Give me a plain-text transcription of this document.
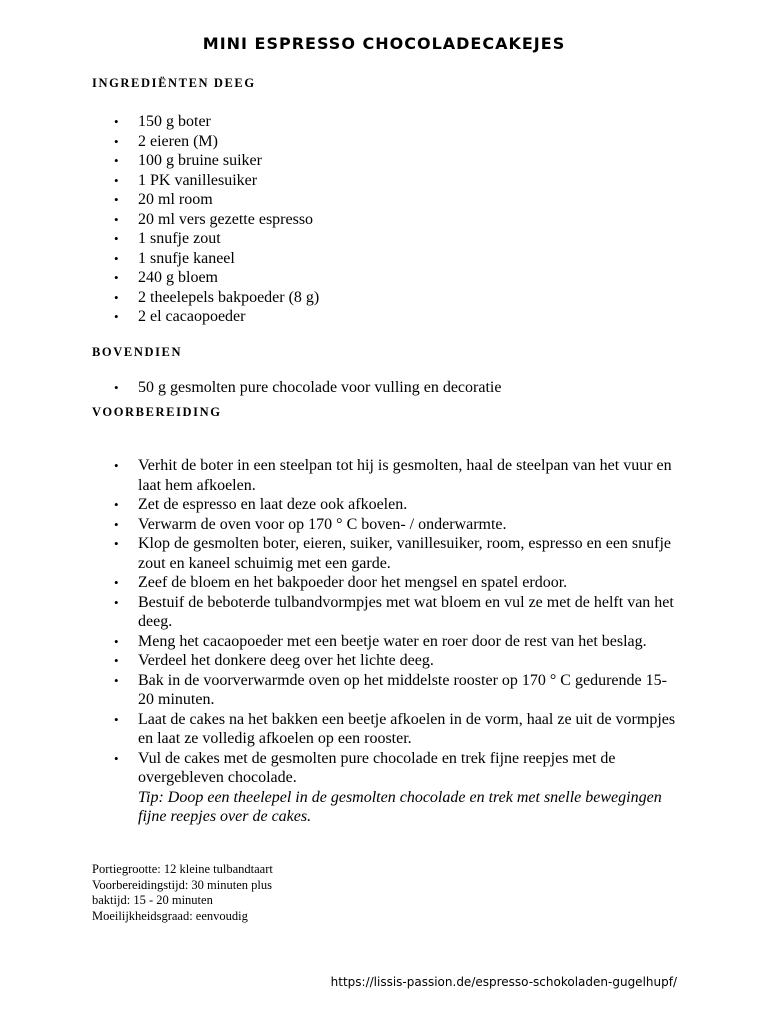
MINI ESPRESSO CHOCOLADECAKEJES
INGREDIËNTEN DEEG
• 150 g boter
• 2 eieren (M)
• 100 g bruine suiker
• 1 PK vanillesuiker
• 20 ml room
• 20 ml vers gezette espresso
• 1 snufje zout
• 1 snufje kaneel
• 240 g bloem
• 2 theelepels bakpoeder (8 g)
• 2 el cacaopoeder
BOVENDIEN
• 50 g gesmolten pure chocolade voor vulling en decoratie
VOORBEREIDING
• Verhit de boter in een steelpan tot hij is gesmolten, haal de steelpan van het vuur en laat hem afkoelen.
• Zet de espresso en laat deze ook afkoelen.
• Verwarm de oven voor op 170 ° C boven- / onderwarmte.
• Klop de gesmolten boter, eieren, suiker, vanillesuiker, room, espresso en een snufje zout en kaneel schuimig met een garde.
• Zeef de bloem en het bakpoeder door het mengsel en spatel erdoor.
• Bestuif de beboterde tulbandvormpjes met wat bloem en vul ze met de helft van het deeg.
• Meng het cacaopoeder met een beetje water en roer door de rest van het beslag.
• Verdeel het donkere deeg over het lichte deeg.
• Bak in de voorverwarmde oven op het middelste rooster op 170 ° C gedurende 15-20 minuten.
• Laat de cakes na het bakken een beetje afkoelen in de vorm, haal ze uit de vormpjes en laat ze volledig afkoelen op een rooster.
• Vul de cakes met de gesmolten pure chocolade en trek fijne reepjes met de overgebleven chocolade.
Tip: Doop een theelepel in de gesmolten chocolade en trek met snelle bewegingen fijne reepjes over de cakes.
Portiegrootte: 12 kleine tulbandtaart
Voorbereidingstijd: 30 minuten plus
baktijd: 15 - 20 minuten
Moeilijkheidsgraad: eenvoudig
https://lissis-passion.de/espresso-schokoladen-gugelhupf/
